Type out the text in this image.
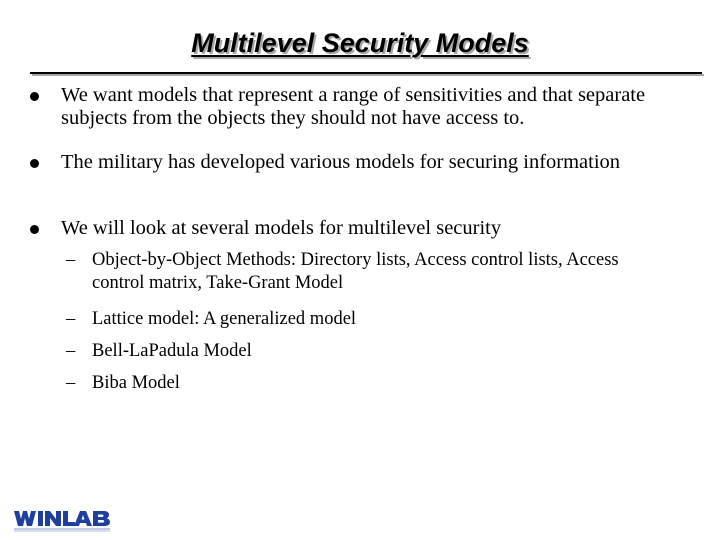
Multilevel Security Models
We want models that represent a range of sensitivities and that separate subjects from the objects they should not have access to.
The military has developed various models for securing information
We will look at several models for multilevel security
– Object-by-Object Methods: Directory lists, Access control lists, Access control matrix, Take-Grant Model
– Lattice model: A generalized model
– Bell-LaPadula Model
– Biba Model
